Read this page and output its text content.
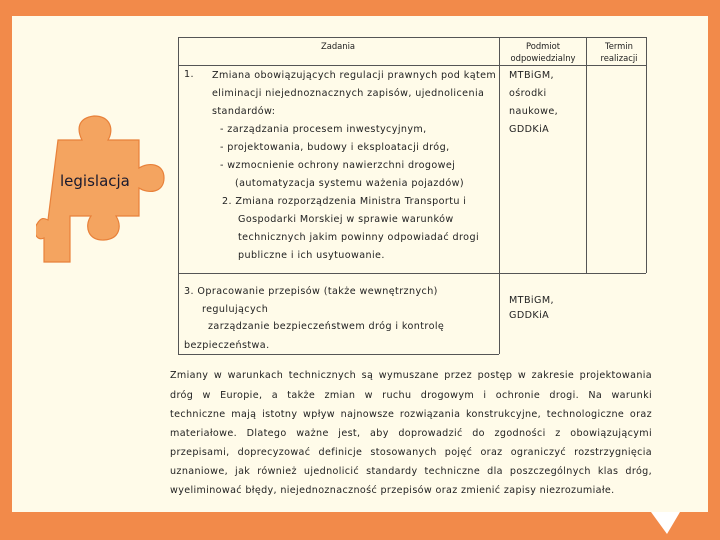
legislacja
Zadania	Podmiot odpowiedzialny
Termin realizacji
1. Zmiana obowiązujących regulacji prawnych pod kątem
eliminacji niejednoznacznych zapisów, ujednolicenia
standardów:
- zarządzania procesem inwestycyjnym,
- projektowania, budowy i eksploatacji dróg,
- wzmocnienie ochrony nawierzchni drogowej
(automatyzacja systemu ważenia pojazdów)
2. Zmiana rozporządzenia Ministra Transportu i
Gospodarki Morskiej w sprawie warunków
technicznych jakim powinny odpowiadać drogi
publiczne i ich usytuowanie.
MTBiGM,
ośrodki
naukowe,
GDDKiA
3. Opracowanie przepisów (także wewnętrznych)
regulujących
zarządzanie bezpieczeństwem dróg i kontrolę
bezpieczeństwa.
MTBiGM,
GDDKiA
Zmiany w warunkach technicznych są wymuszane przez postęp w zakresie projektowania
dróg w Europie, a także zmian w ruchu drogowym i ochronie drogi. Na warunki
techniczne mają istotny wpływ najnowsze rozwiązania konstrukcyjne, technologiczne oraz
materiałowe. Dlatego ważne jest, aby doprowadzić do zgodności z obowiązującymi
przepisami, doprecyzować definicje stosowanych pojęć oraz ograniczyć rozstrzygnięcia
uznaniowe, jak również ujednolicić standardy techniczne dla poszczególnych klas dróg,
wyeliminować błędy, niejednoznaczność przepisów oraz zmienić zapisy niezrozumiałe.
